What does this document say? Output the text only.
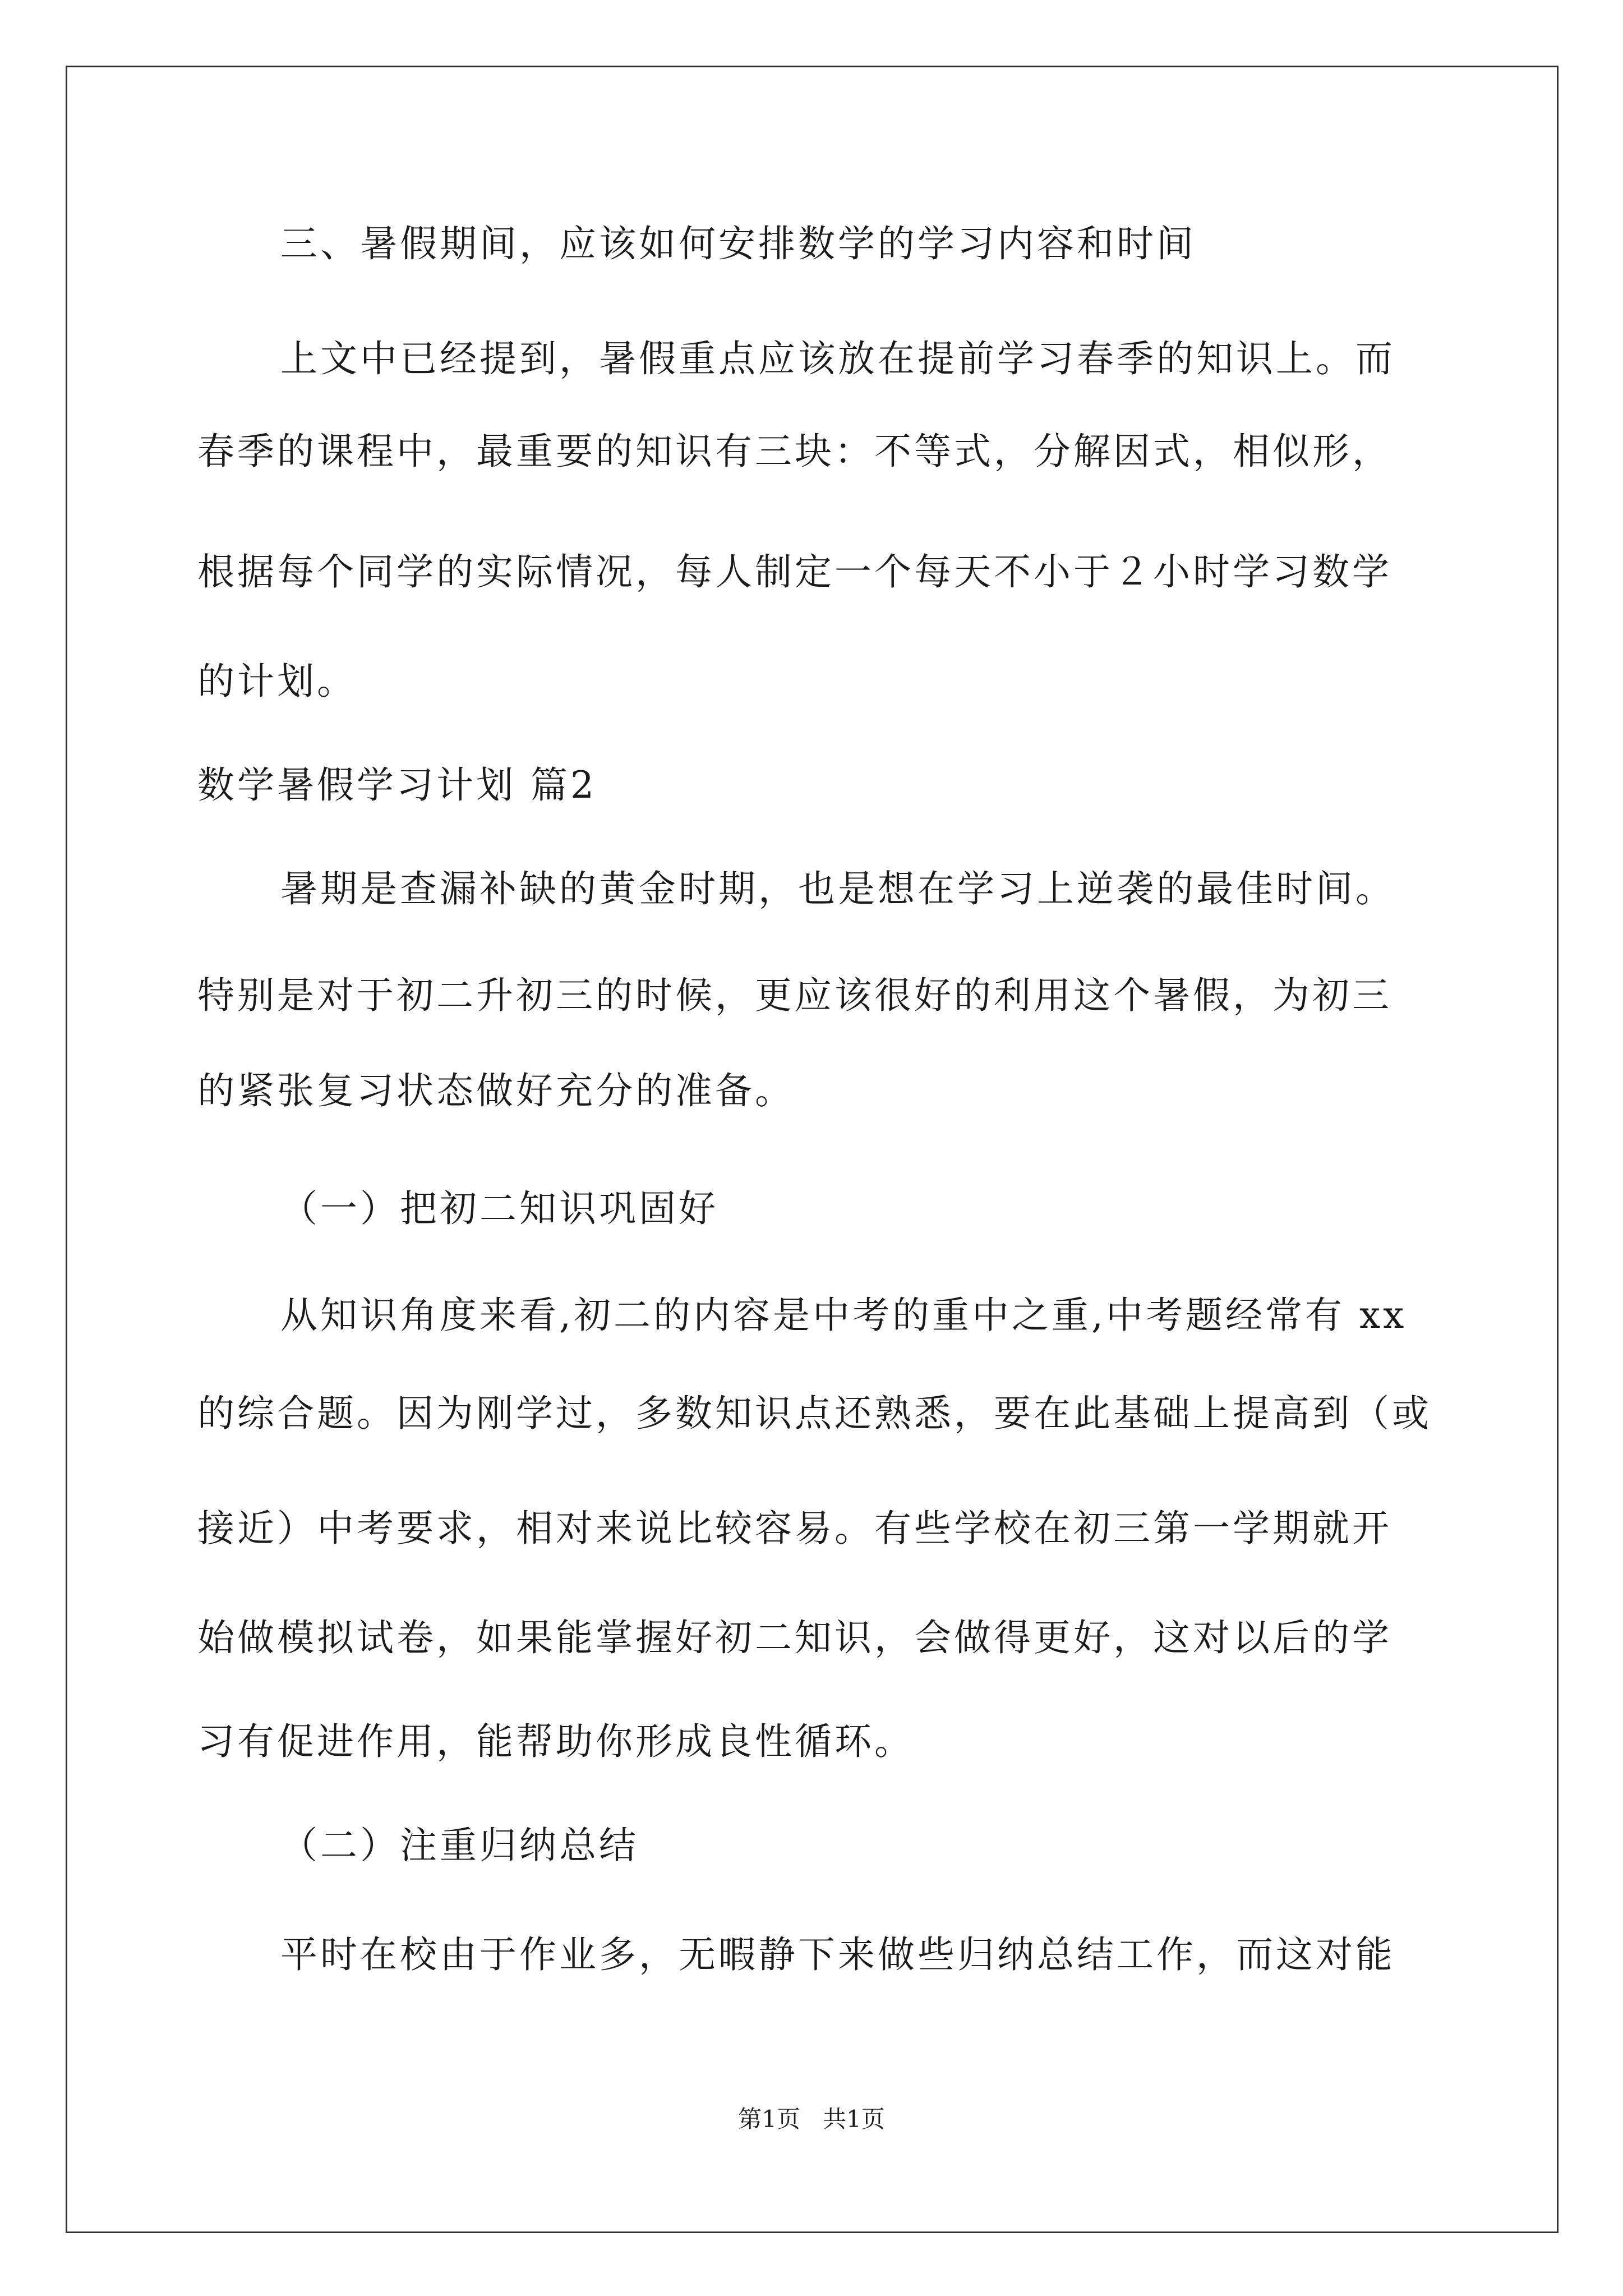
三、暑假期间，应该如何安排数学的学习内容和时间
上文中已经提到，暑假重点应该放在提前学习春季的知识上。而
春季的课程中，最重要的知识有三块：不等式，分解因式，相似形，
根据每个同学的实际情况，每人制定一个每天不小于２小时学习数学
的计划。
数学暑假学习计划 篇2
暑期是查漏补缺的黄金时期，也是想在学习上逆袭的最佳时间。
特别是对于初二升初三的时候，更应该很好的利用这个暑假，为初三
的紧张复习状态做好充分的准备。
（一）把初二知识巩固好
从知识角度来看,初二的内容是中考的重中之重,中考题经常有 xx
的综合题。因为刚学过，多数知识点还熟悉，要在此基础上提高到（或
接近）中考要求，相对来说比较容易。有些学校在初三第一学期就开
始做模拟试卷，如果能掌握好初二知识，会做得更好，这对以后的学
习有促进作用，能帮助你形成良性循环。
（二）注重归纳总结
平时在校由于作业多，无暇静下来做些归纳总结工作，而这对能
第1页   共1页
